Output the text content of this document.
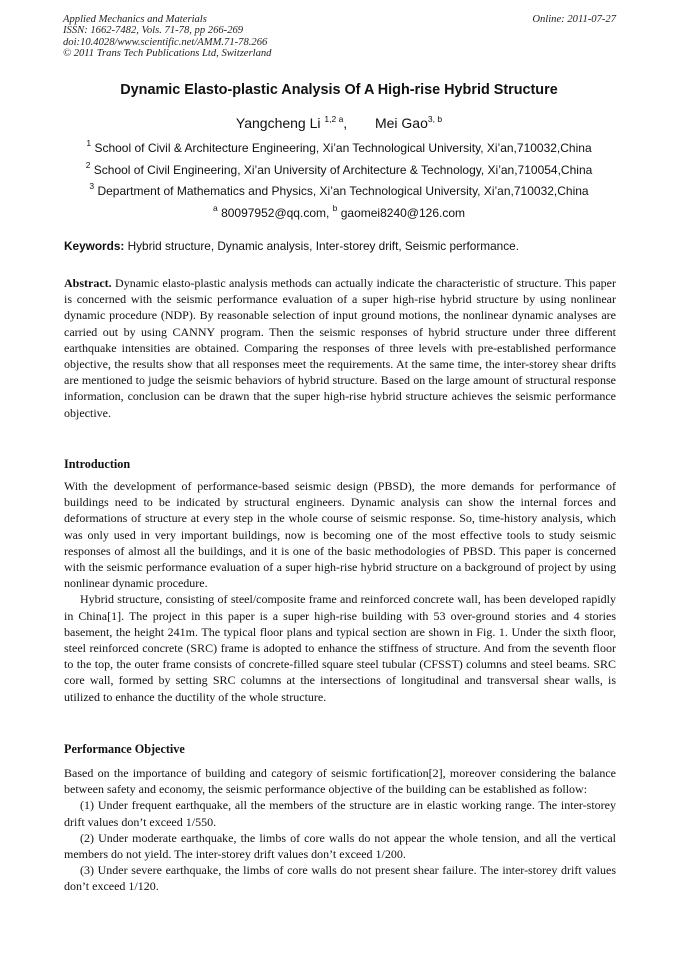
Applied Mechanics and Materials
ISSN: 1662-7482, Vols. 71-78, pp 266-269
doi:10.4028/www.scientific.net/AMM.71-78.266
© 2011 Trans Tech Publications Ltd, Switzerland
Online: 2011-07-27
Dynamic Elasto-plastic Analysis Of A High-rise Hybrid Structure
Yangcheng Li $^{1,2 a}$, Mei Gao$^{3, b}$
$^1$ School of Civil & Architecture Engineering, Xi’an Technological University, Xi’an,710032,China
$^2$ School of Civil Engineering, Xi’an University of Architecture & Technology, Xi’an,710054,China
$^3$ Department of Mathematics and Physics, Xi’an Technological University, Xi’an,710032,China
$^a$ 80097952@qq.com, $^b$ gaomei8240@126.com
Keywords: Hybrid structure, Dynamic analysis, Inter-storey drift, Seismic performance.

Abstract. Dynamic elasto-plastic analysis methods can actually indicate the characteristic of structure. This paper is concerned with the seismic performance evaluation of a super high-rise hybrid structure by using nonlinear dynamic procedure (NDP). By reasonable selection of input ground motions, the nonlinear dynamic analyses are carried out by using CANNY program. Then the seismic responses of hybrid structure under three different earthquake intensities are obtained. Comparing the responses of three levels with pre-established performance objective, the results show that all responses meet the requirements. At the same time, the inter-storey shear drifts are mentioned to judge the seismic behaviors of hybrid structure. Based on the large amount of structural response information, conclusion can be drawn that the super high-rise hybrid structure achieves the seismic performance objective.

Introduction

With the development of performance-based seismic design (PBSD), the more demands for performance of buildings need to be indicated by structural engineers. Dynamic analysis can show the internal forces and deformations of structure at every step in the whole course of seismic response. So, time-history analysis, which was only used in very important buildings, now is becoming one of the most effective tools to study seismic responses of almost all the buildings, and it is one of the basic methodologies of PBSD. This paper is concerned with the seismic performance evaluation of a super high-rise hybrid structure on a background of project by using nonlinear dynamic procedure.

Hybrid structure, consisting of steel/composite frame and reinforced concrete wall, has been developed rapidly in China[1]. The project in this paper is a super high-rise building with 53 over-ground stories and 4 stories basement, the height 241m. The typical floor plans and typical section are shown in Fig. 1. Under the sixth floor, steel reinforced concrete (SRC) frame is adopted to enhance the stiffness of structure. And from the seventh floor to the top, the outer frame consists of concrete-filled square steel tubular (CFSST) columns and steel beams. SRC core wall, formed by setting SRC columns at the intersections of longitudinal and transversal shear walls, is utilized to enhance the ductility of the whole structure.

Performance Objective

Based on the importance of building and category of seismic fortification[2], moreover considering the balance between safety and economy, the seismic performance objective of the building can be established as follow:

(1) Under frequent earthquake, all the members of the structure are in elastic working range. The inter-storey drift values don’t exceed 1/550.

(2) Under moderate earthquake, the limbs of core walls do not appear the whole tension, and all the vertical members do not yield. The inter-storey drift values don’t exceed 1/200.

(3) Under severe earthquake, the limbs of core walls do not present shear failure. The inter-storey drift values don’t exceed 1/120.
